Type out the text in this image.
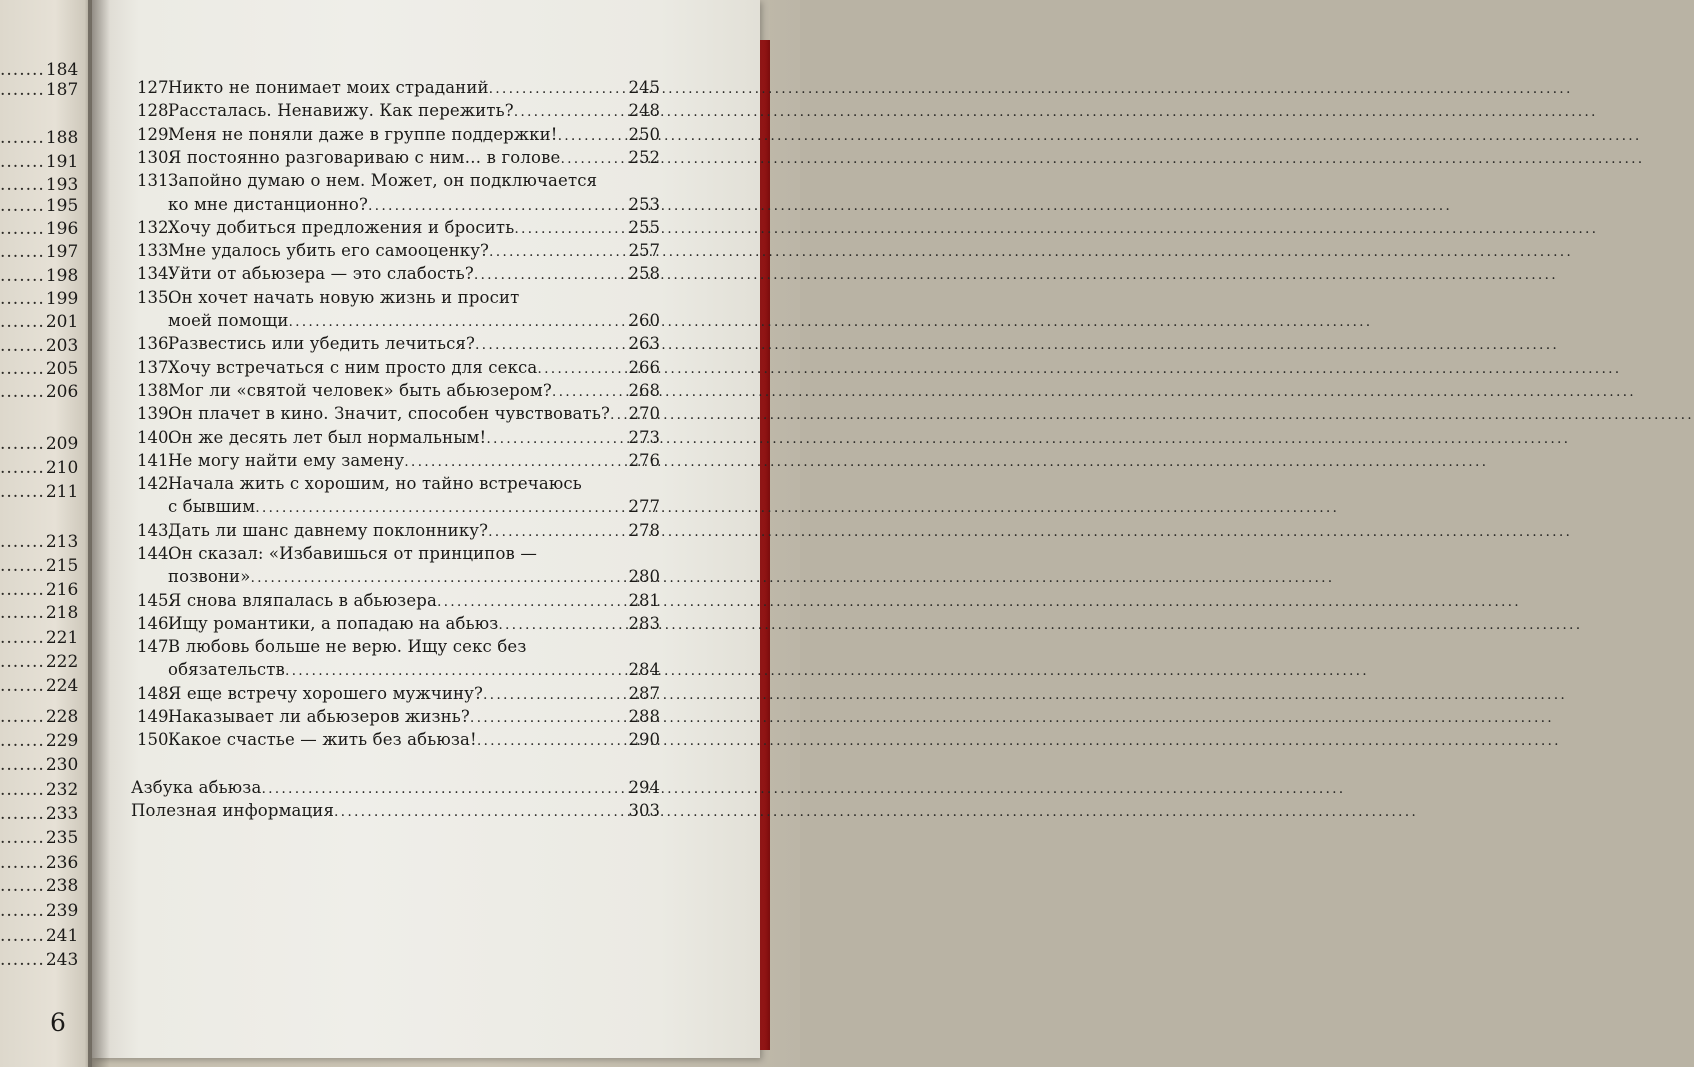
.......184
.......187
.......188
.......191
.......193
.......195
.......196
.......197
.......198
.......199
.......201
.......203
.......205
.......206
.......209
.......210
.......211
.......213
.......215
.......216
.......218
.......221
.......222
.......224
.......228
.......229
.......230
.......232
.......233
.......235
.......236
.......238
.......239
.......241
.......243
6
127.
Никто не понимает моих страданий .....	245
128.
Рассталась. Ненавижу. Как пережить? .....	248
129.
Меня не поняли даже в группе поддержки! .....	250
130.
Я постоянно разговариваю с ним… в голове .....	252
131.
Запойно думаю о нем. Может, он подключается
ко мне дистанционно? .....	253
132.
Хочу добиться предложения и бросить .....	255
133.
Мне удалось убить его самооценку? .....	257
134.
Уйти от абьюзера — это слабость? .....	258
135.
Он хочет начать новую жизнь и просит
моей помощи .....	260
136.
Развестись или убедить лечиться? .....	263
137.
Хочу встречаться с ним просто для секса .....	266
138.
Мог ли «святой человек» быть абьюзером? .....	268
139.
Он плачет в кино. Значит, способен чувствовать? ..... 270
140.
Он же десять лет был нормальным! .....	273
141.
Не могу найти ему замену .....	276
142.
Начала жить с хорошим, но тайно встречаюсь
с бывшим .....	277
143.
Дать ли шанс давнему поклоннику? .....	278
144.
Он сказал: «Избавишься от принципов —
позвони» .....	280
145.
Я снова вляпалась в абьюзера .....	281
146.
Ищу романтики, а попадаю на абьюз .....	283
147.
В любовь больше не верю. Ищу секс без
обязательств .....	284
148.
Я еще встречу хорошего мужчину? .....	287
149.
Наказывает ли абьюзеров жизнь? .....	288
150.
Какое счастье — жить без абьюза! .....	290
Азбука абьюза .....	294
Полезная информация .....	303
